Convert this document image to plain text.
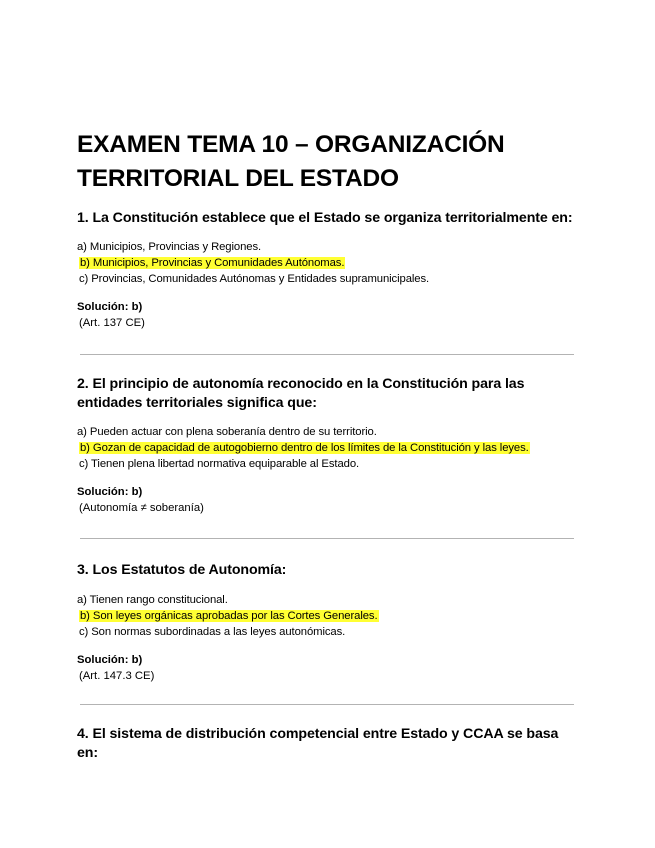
EXAMEN TEMA 10 – ORGANIZACIÓN TERRITORIAL DEL ESTADO

1. La Constitución establece que el Estado se organiza territorialmente en:

a) Municipios, Provincias y Regiones.
b) Municipios, Provincias y Comunidades Autónomas.
c) Provincias, Comunidades Autónomas y Entidades supramunicipales.
Solución: b)
(Art. 137 CE)

2. El principio de autonomía reconocido en la Constitución para las entidades territoriales significa que:

a) Pueden actuar con plena soberanía dentro de su territorio.
b) Gozan de capacidad de autogobierno dentro de los límites de la Constitución y las leyes.
c) Tienen plena libertad normativa equiparable al Estado.
Solución: b)
(Autonomía ≠ soberanía)

3. Los Estatutos de Autonomía:

a) Tienen rango constitucional.
b) Son leyes orgánicas aprobadas por las Cortes Generales.
c) Son normas subordinadas a las leyes autonómicas.
Solución: b)
(Art. 147.3 CE)

4. El sistema de distribución competencial entre Estado y CCAA se basa en:
